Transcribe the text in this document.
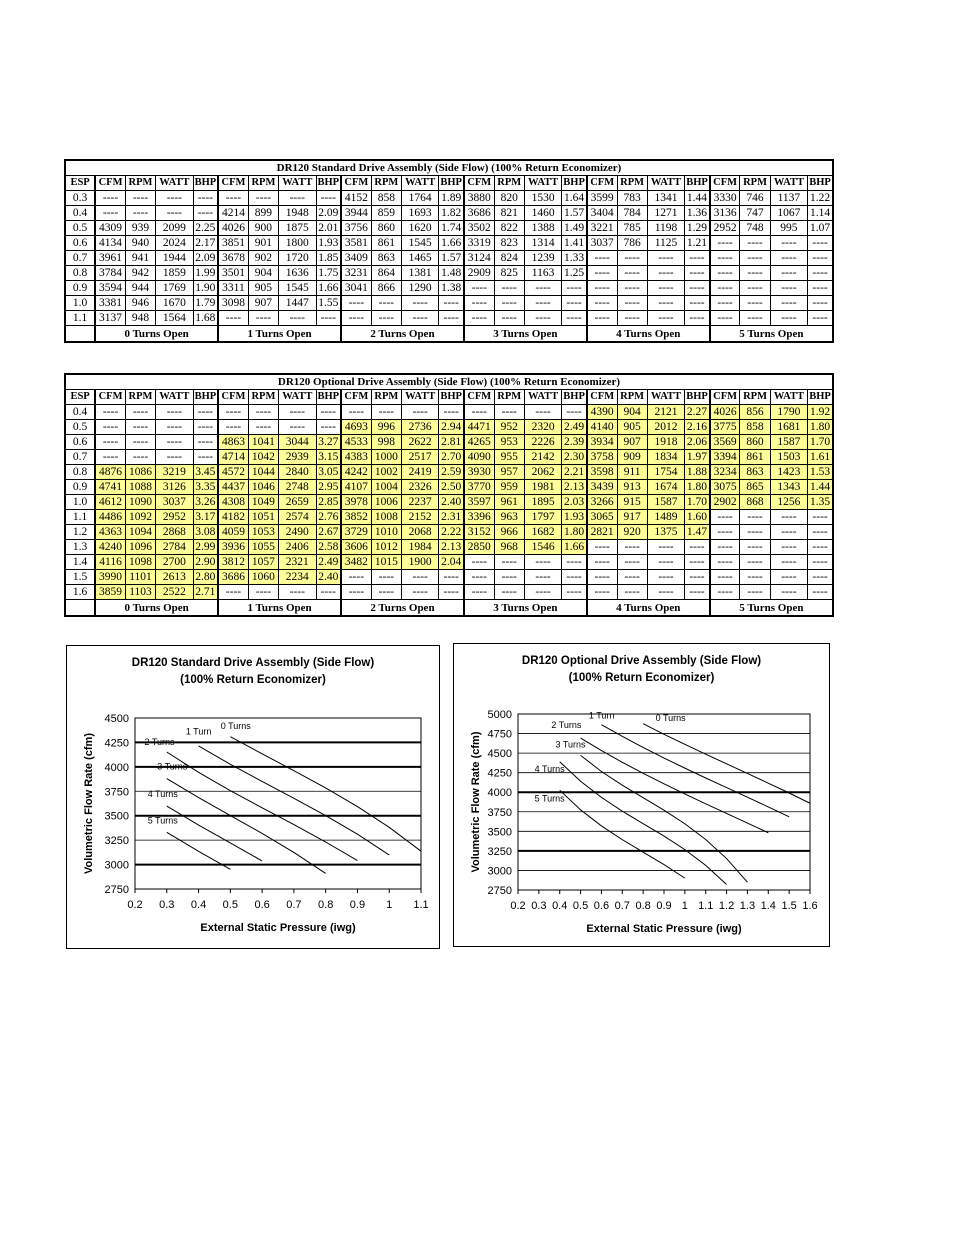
DR120 Standard Drive Assembly (Side Flow) (100% Return Economizer)																								
ESP	CFM	RPM	WATT	BHP	CFM	RPM	WATT	BHP	CFM	RPM	WATT	BHP	CFM	RPM	WATT	BHP	CFM	RPM	WATT	BHP	CFM	RPM	WATT	BHP
0.3	----	----	----	----	----	----	----	----	4152	858	1764	1.89	3880	820	1530	1.64	3599	783	1341	1.44	3330	746	1137	1.22
0.4	----	----	----	----	4214	899	1948	2.09	3944	859	1693	1.82	3686	821	1460	1.57	3404	784	1271	1.36	3136	747	1067	1.14
0.5	4309	939	2099	2.25	4026	900	1875	2.01	3756	860	1620	1.74	3502	822	1388	1.49	3221	785	1198	1.29	2952	748	995	1.07
0.6	4134	940	2024	2.17	3851	901	1800	1.93	3581	861	1545	1.66	3319	823	1314	1.41	3037	786	1125	1.21	----	----	----	----
0.7	3961	941	1944	2.09	3678	902	1720	1.85	3409	863	1465	1.57	3124	824	1239	1.33	----	----	----	----	----	----	----	----
0.8	3784	942	1859	1.99	3501	904	1636	1.75	3231	864	1381	1.48	2909	825	1163	1.25	----	----	----	----	----	----	----	----
0.9	3594	944	1769	1.90	3311	905	1545	1.66	3041	866	1290	1.38	----	----	----	----	----	----	----	----	----	----	----	----
1.0	3381	946	1670	1.79	3098	907	1447	1.55	----	----	----	----	----	----	----	----	----	----	----	----	----	----	----	----
1.1	3137	948	1564	1.68	----	----	----	----	----	----	----	----	----	----	----	----	----	----	----	----	----	----	----	----
	0 Turns Open				1 Turns Open				2 Turns Open				3 Turns Open				4 Turns Open				5 Turns Open			
DR120 Optional Drive Assembly (Side Flow) (100% Return Economizer)																								
ESP	CFM	RPM	WATT	BHP	CFM	RPM	WATT	BHP	CFM	RPM	WATT	BHP	CFM	RPM	WATT	BHP	CFM	RPM	WATT	BHP	CFM	RPM	WATT	BHP
0.4	----	----	----	----	----	----	----	----	----	----	----	----	----	----	----	----	4390	904	2121	2.27	4026	856	1790	1.92
0.5	----	----	----	----	----	----	----	----	4693	996	2736	2.94	4471	952	2320	2.49	4140	905	2012	2.16	3775	858	1681	1.80
0.6	----	----	----	----	4863	1041	3044	3.27	4533	998	2622	2.81	4265	953	2226	2.39	3934	907	1918	2.06	3569	860	1587	1.70
0.7	----	----	----	----	4714	1042	2939	3.15	4383	1000	2517	2.70	4090	955	2142	2.30	3758	909	1834	1.97	3394	861	1503	1.61
0.8	4876	1086	3219	3.45	4572	1044	2840	3.05	4242	1002	2419	2.59	3930	957	2062	2.21	3598	911	1754	1.88	3234	863	1423	1.53
0.9	4741	1088	3126	3.35	4437	1046	2748	2.95	4107	1004	2326	2.50	3770	959	1981	2.13	3439	913	1674	1.80	3075	865	1343	1.44
1.0	4612	1090	3037	3.26	4308	1049	2659	2.85	3978	1006	2237	2.40	3597	961	1895	2.03	3266	915	1587	1.70	2902	868	1256	1.35
1.1	4486	1092	2952	3.17	4182	1051	2574	2.76	3852	1008	2152	2.31	3396	963	1797	1.93	3065	917	1489	1.60	----	----	----	----
1.2	4363	1094	2868	3.08	4059	1053	2490	2.67	3729	1010	2068	2.22	3152	966	1682	1.80	2821	920	1375	1.47	----	----	----	----
1.3	4240	1096	2784	2.99	3936	1055	2406	2.58	3606	1012	1984	2.13	2850	968	1546	1.66	----	----	----	----	----	----	----	----
1.4	4116	1098	2700	2.90	3812	1057	2321	2.49	3482	1015	1900	2.04	----	----	----	----	----	----	----	----	----	----	----	----
1.5	3990	1101	2613	2.80	3686	1060	2234	2.40	----	----	----	----	----	----	----	----	----	----	----	----	----	----	----	----
1.6	3859	1103	2522	2.71	----	----	----	----	----	----	----	----	----	----	----	----	----	----	----	----	----	----	----	----
	0 Turns Open				1 Turns Open				2 Turns Open				3 Turns Open				4 Turns Open				5 Turns Open			
DR120 Standard Drive Assembly (Side Flow)
(100% Return Economizer)
2750
3000
3250
3500
3750
4000
4250
4500
0.2 0.3 0.4 0.5 0.6 0.7 0.8 0.9 1 1.1
External Static Pressure (iwg)
Volumetric Flow Rate (cfm)
0 Turns
1 Turn
2 Turns
3 Turns
4 Turns
5 Turns
DR120 Optional Drive Assembly (Side Flow)
(100% Return Economizer)
2750
3000
3250
3500
3750
4000
4250
4500
4750
5000
0.2 0.3 0.4 0.5 0.6 0.7 0.8 0.9 1 1.1 1.2 1.3 1.4 1.5 1.6
External Static Pressure (iwg)
Volumetric Flow Rate (cfm)
0 Turns
1 Turn
2 Turns
3 Turns
4 Turns
5 Turns
